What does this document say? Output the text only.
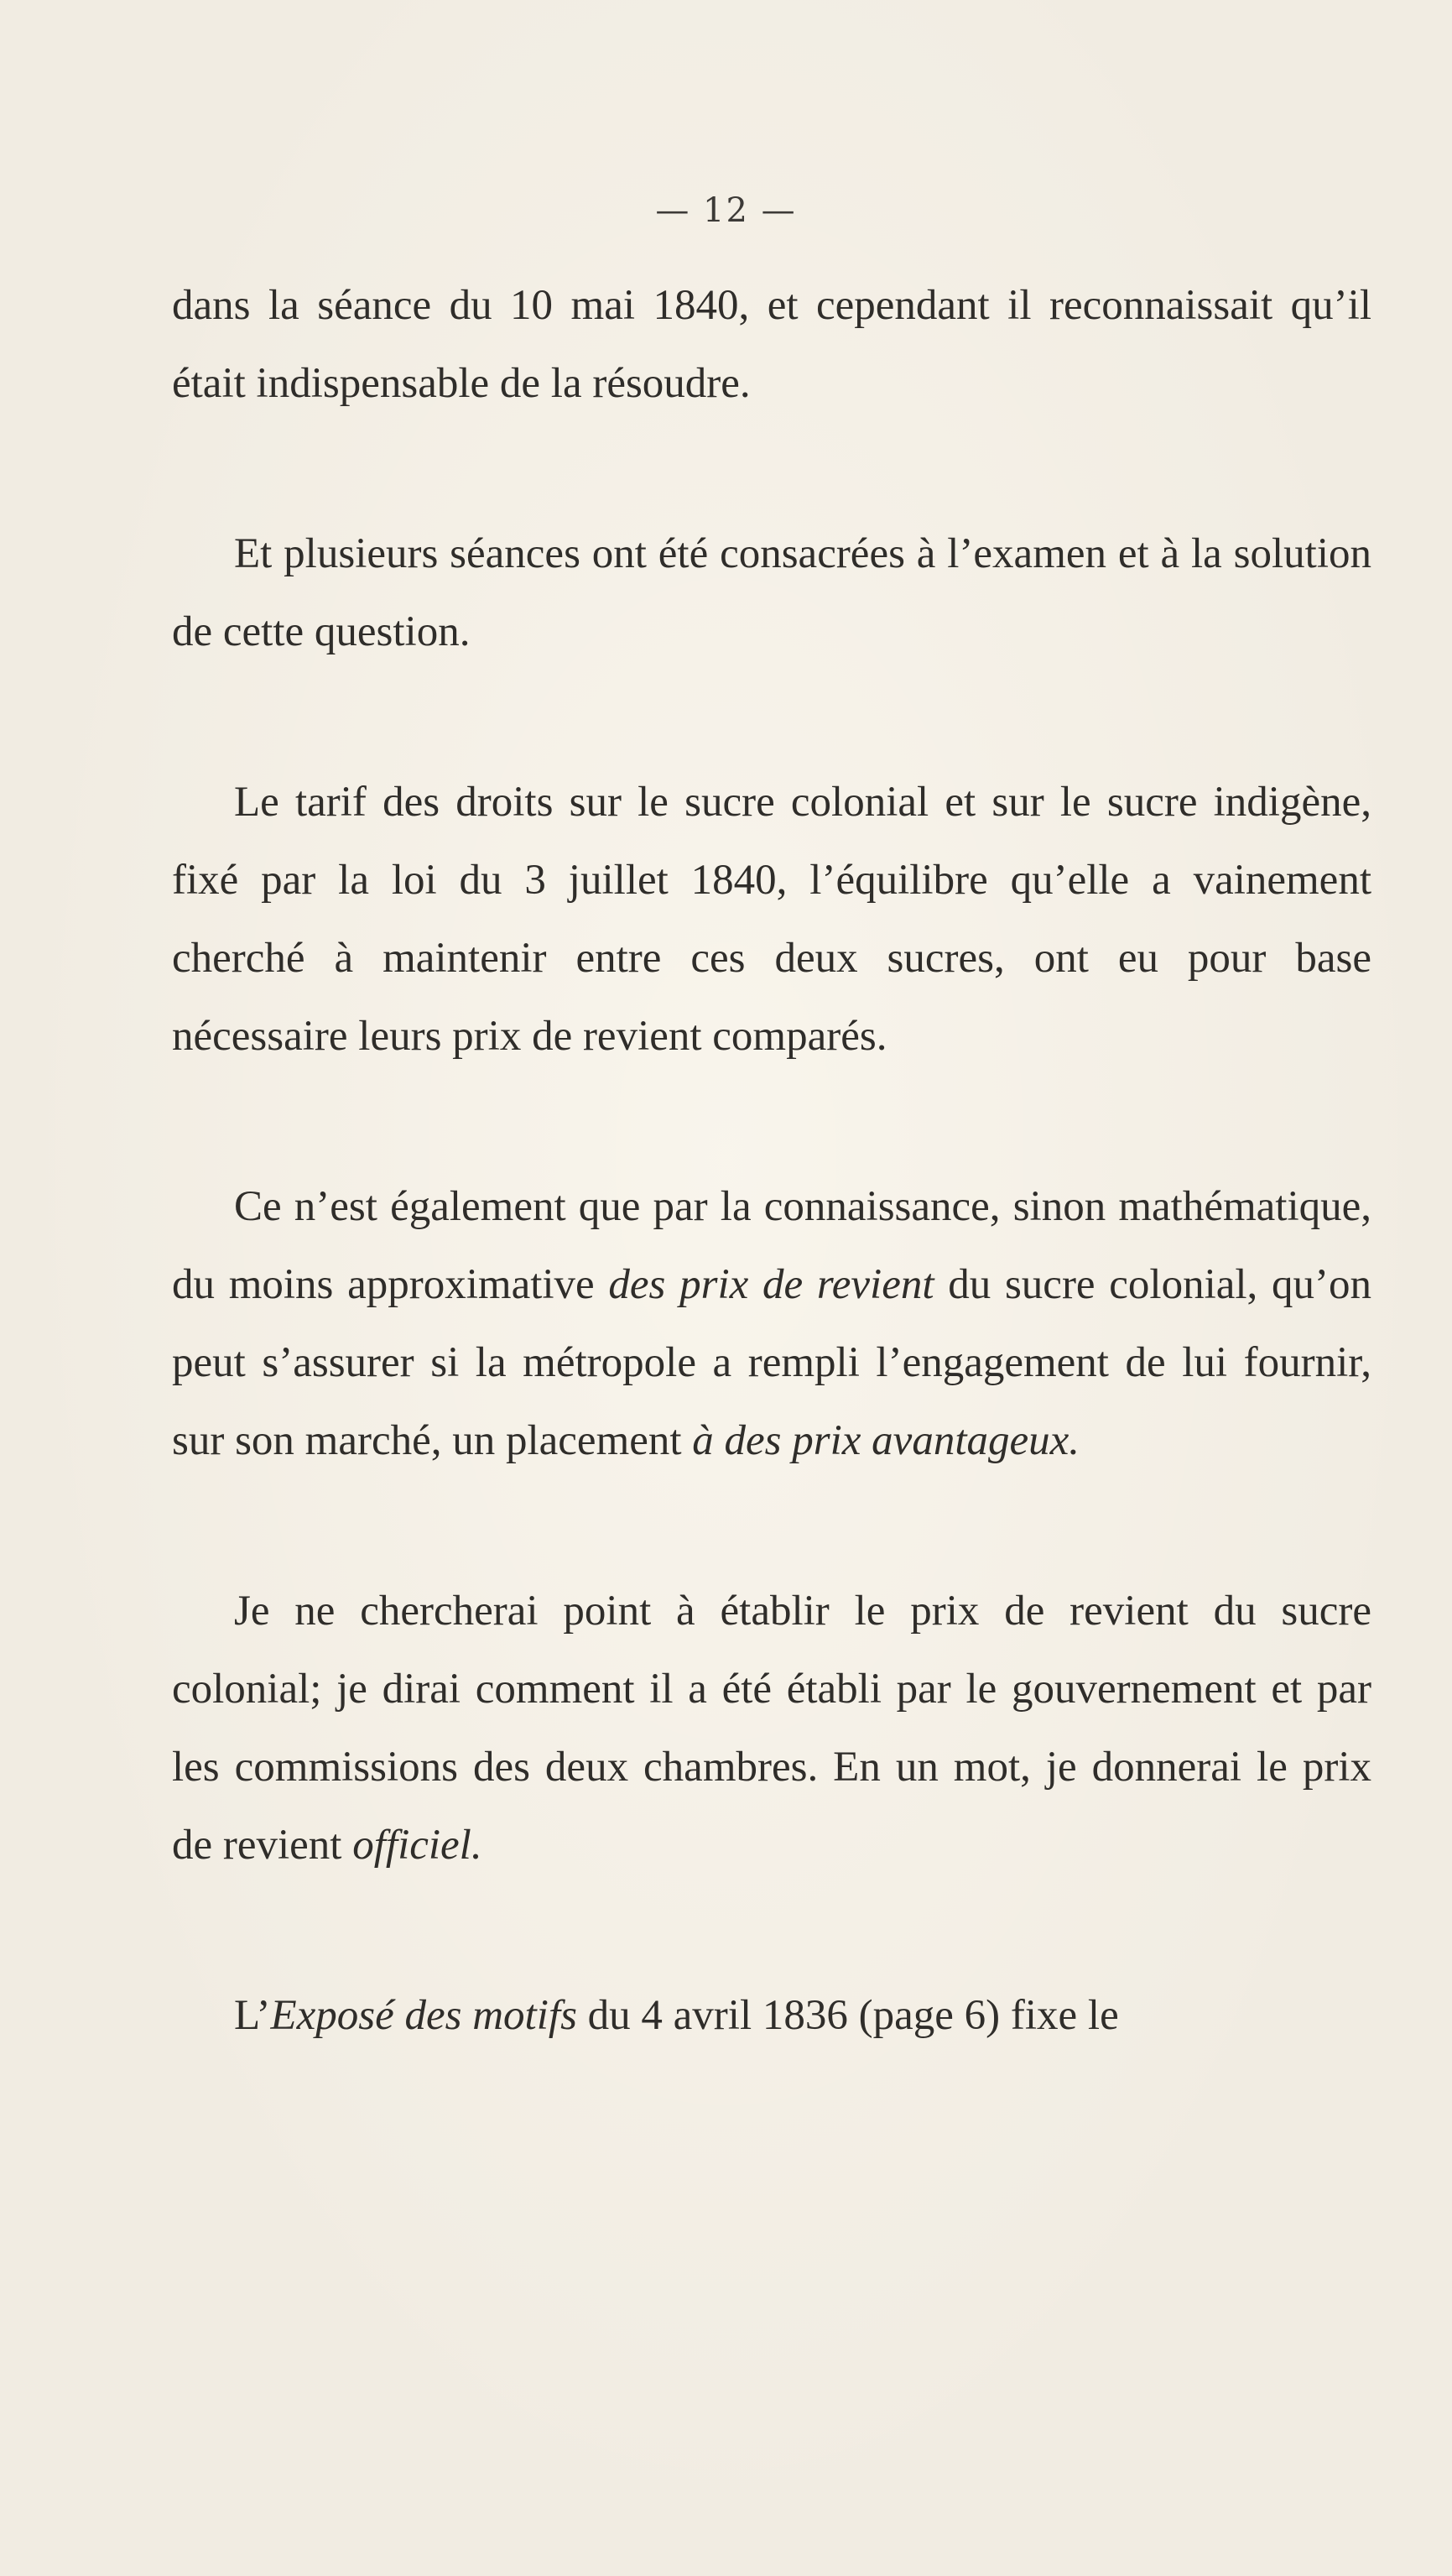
— 12 —

dans la séance du 10 mai 1840, et cependant il reconnaissait qu’il était indispensable de la résoudre.

Et plusieurs séances ont été consacrées à l’examen et à la solution de cette question.

Le tarif des droits sur le sucre colonial et sur le sucre indigène, fixé par la loi du 3 juillet 1840, l’équilibre qu’elle a vainement cherché à maintenir entre ces deux sucres, ont eu pour base nécessaire leurs prix de revient comparés.

Ce n’est également que par la connaissance, sinon mathématique, du moins approximative des prix de revient du sucre colonial, qu’on peut s’assurer si la métropole a rempli l’engagement de lui fournir, sur son marché, un placement à des prix avantageux.

Je ne chercherai point à établir le prix de revient du sucre colonial; je dirai comment il a été établi par le gouvernement et par les commissions des deux chambres. En un mot, je donnerai le prix de revient officiel.

L’Exposé des motifs du 4 avril 1836 (page 6) fixe le
